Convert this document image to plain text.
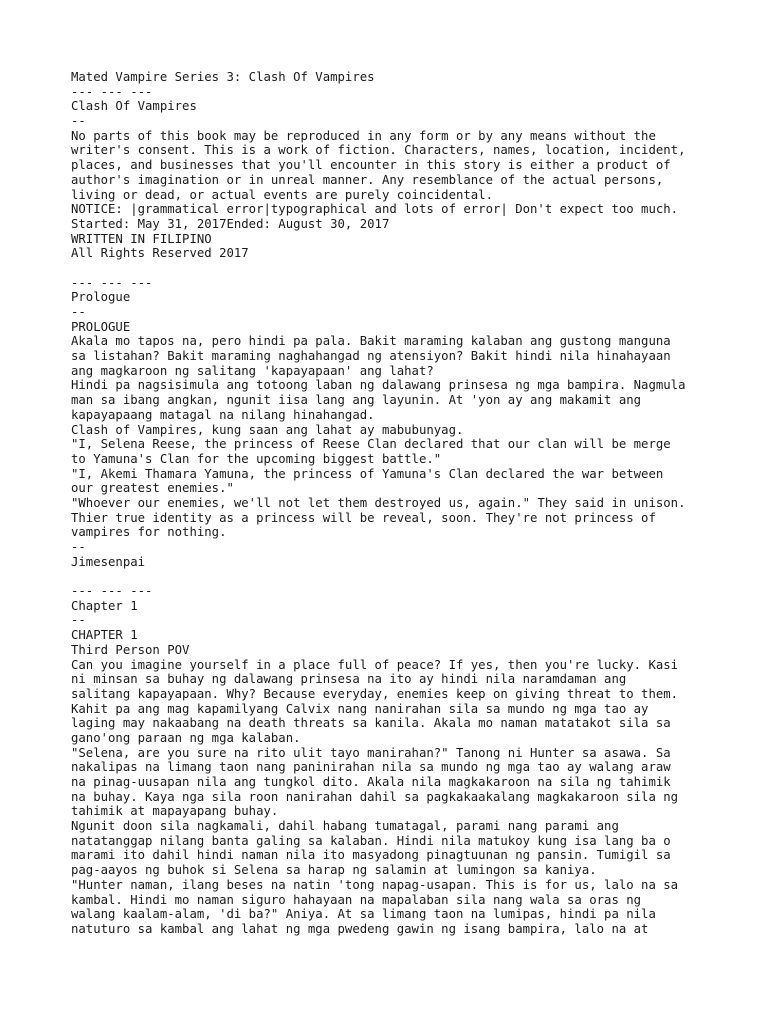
Mated Vampire Series 3: Clash Of Vampires
--- --- ---
Clash Of Vampires
--
No parts of this book may be reproduced in any form or by any means without the
writer's consent. This is a work of fiction. Characters, names, location, incident,
places, and businesses that you'll encounter in this story is either a product of
author's imagination or in unreal manner. Any resemblance of the actual persons,
living or dead, or actual events are purely coincidental.
NOTICE: |grammatical error|typographical and lots of error| Don't expect too much.
Started: May 31, 2017Ended: August 30, 2017
WRITTEN IN FILIPINO
All Rights Reserved 2017
--- --- ---
Prologue
--
PROLOGUE
Akala mo tapos na, pero hindi pa pala. Bakit maraming kalaban ang gustong manguna
sa listahan? Bakit maraming naghahangad ng atensiyon? Bakit hindi nila hinahayaan
ang magkaroon ng salitang 'kapayapaan' ang lahat?
Hindi pa nagsisimula ang totoong laban ng dalawang prinsesa ng mga bampira. Nagmula
man sa ibang angkan, ngunit iisa lang ang layunin. At 'yon ay ang makamit ang
kapayapaang matagal na nilang hinahangad.
Clash of Vampires, kung saan ang lahat ay mabubunyag.
"I, Selena Reese, the princess of Reese Clan declared that our clan will be merge
to Yamuna's Clan for the upcoming biggest battle."
"I, Akemi Thamara Yamuna, the princess of Yamuna's Clan declared the war between
our greatest enemies."
"Whoever our enemies, we'll not let them destroyed us, again." They said in unison.
Thier true identity as a princess will be reveal, soon. They're not princess of
vampires for nothing.
--
Jimesenpai
--- --- ---
Chapter 1
--
CHAPTER 1
Third Person POV
Can you imagine yourself in a place full of peace? If yes, then you're lucky. Kasi
ni minsan sa buhay ng dalawang prinsesa na ito ay hindi nila naramdaman ang
salitang kapayapaan. Why? Because everyday, enemies keep on giving threat to them.
Kahit pa ang mag kapamilyang Calvix nang nanirahan sila sa mundo ng mga tao ay
laging may nakaabang na death threats sa kanila. Akala mo naman matatakot sila sa
gano'ong paraan ng mga kalaban.
"Selena, are you sure na rito ulit tayo manirahan?" Tanong ni Hunter sa asawa. Sa
nakalipas na limang taon nang paninirahan nila sa mundo ng mga tao ay walang araw
na pinag-uusapan nila ang tungkol dito. Akala nila magkakaroon na sila ng tahimik
na buhay. Kaya nga sila roon nanirahan dahil sa pagkakaakalang magkakaroon sila ng
tahimik at mapayapang buhay.
Ngunit doon sila nagkamali, dahil habang tumatagal, parami nang parami ang
natatanggap nilang banta galing sa kalaban. Hindi nila matukoy kung isa lang ba o
marami ito dahil hindi naman nila ito masyadong pinagtuunan ng pansin. Tumigil sa
pag-aayos ng buhok si Selena sa harap ng salamin at lumingon sa kaniya.
"Hunter naman, ilang beses na natin 'tong napag-usapan. This is for us, lalo na sa
kambal. Hindi mo naman siguro hahayaan na mapalaban sila nang wala sa oras ng
walang kaalam-alam, 'di ba?" Aniya. At sa limang taon na lumipas, hindi pa nila
natuturo sa kambal ang lahat ng mga pwedeng gawin ng isang bampira, lalo na at
